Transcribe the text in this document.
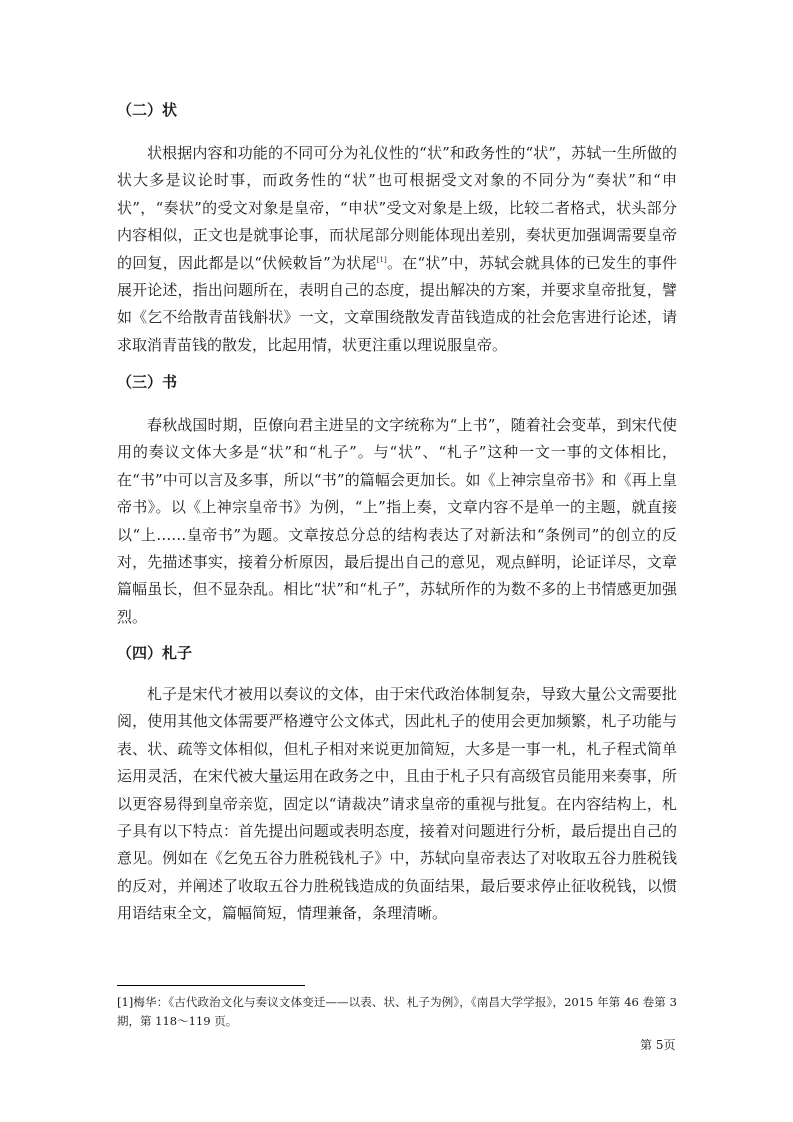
（二）状

状根据内容和功能的不同可分为礼仪性的“状”和政务性的“状”，苏轼一生所做的状大多是议论时事，而政务性的“状”也可根据受文对象的不同分为“奏状”和“申状”，“奏状”的受文对象是皇帝，“申状”受文对象是上级，比较二者格式，状头部分内容相似，正文也是就事论事，而状尾部分则能体现出差别，奏状更加强调需要皇帝的回复，因此都是以“伏候敕旨”为状尾[1]。在“状”中，苏轼会就具体的已发生的事件展开论述，指出问题所在，表明自己的态度，提出解决的方案，并要求皇帝批复，譬如《乞不给散青苗钱斛状》一文，文章围绕散发青苗钱造成的社会危害进行论述，请求取消青苗钱的散发，比起用情，状更注重以理说服皇帝。

（三）书

春秋战国时期，臣僚向君主进呈的文字统称为“上书”，随着社会变革，到宋代使用的奏议文体大多是“状”和“札子”。与“状”、“札子”这种一文一事的文体相比，在“书”中可以言及多事，所以“书”的篇幅会更加长。如《上神宗皇帝书》和《再上皇帝书》。以《上神宗皇帝书》为例，“上”指上奏，文章内容不是单一的主题，就直接以“上……皇帝书”为题。文章按总分总的结构表达了对新法和“条例司”的创立的反对，先描述事实，接着分析原因，最后提出自己的意见，观点鲜明，论证详尽，文章篇幅虽长，但不显杂乱。相比“状”和“札子”，苏轼所作的为数不多的上书情感更加强烈。

（四）札子

札子是宋代才被用以奏议的文体，由于宋代政治体制复杂，导致大量公文需要批阅，使用其他文体需要严格遵守公文体式，因此札子的使用会更加频繁，札子功能与表、状、疏等文体相似，但札子相对来说更加简短，大多是一事一札，札子程式简单运用灵活，在宋代被大量运用在政务之中，且由于札子只有高级官员能用来奏事，所以更容易得到皇帝亲览，固定以“请裁决”请求皇帝的重视与批复。在内容结构上，札子具有以下特点：首先提出问题或表明态度，接着对问题进行分析，最后提出自己的意见。例如在《乞免五谷力胜税钱札子》中，苏轼向皇帝表达了对收取五谷力胜税钱的反对，并阐述了收取五谷力胜税钱造成的负面结果，最后要求停止征收税钱，以惯用语结束全文，篇幅简短，情理兼备，条理清晰。

[1]梅华：《古代政治文化与奏议文体变迁——以表、状、札子为例》，《南昌大学学报》，2015 年第 46 卷第 3 期，第 118～119 页。

第 5页
